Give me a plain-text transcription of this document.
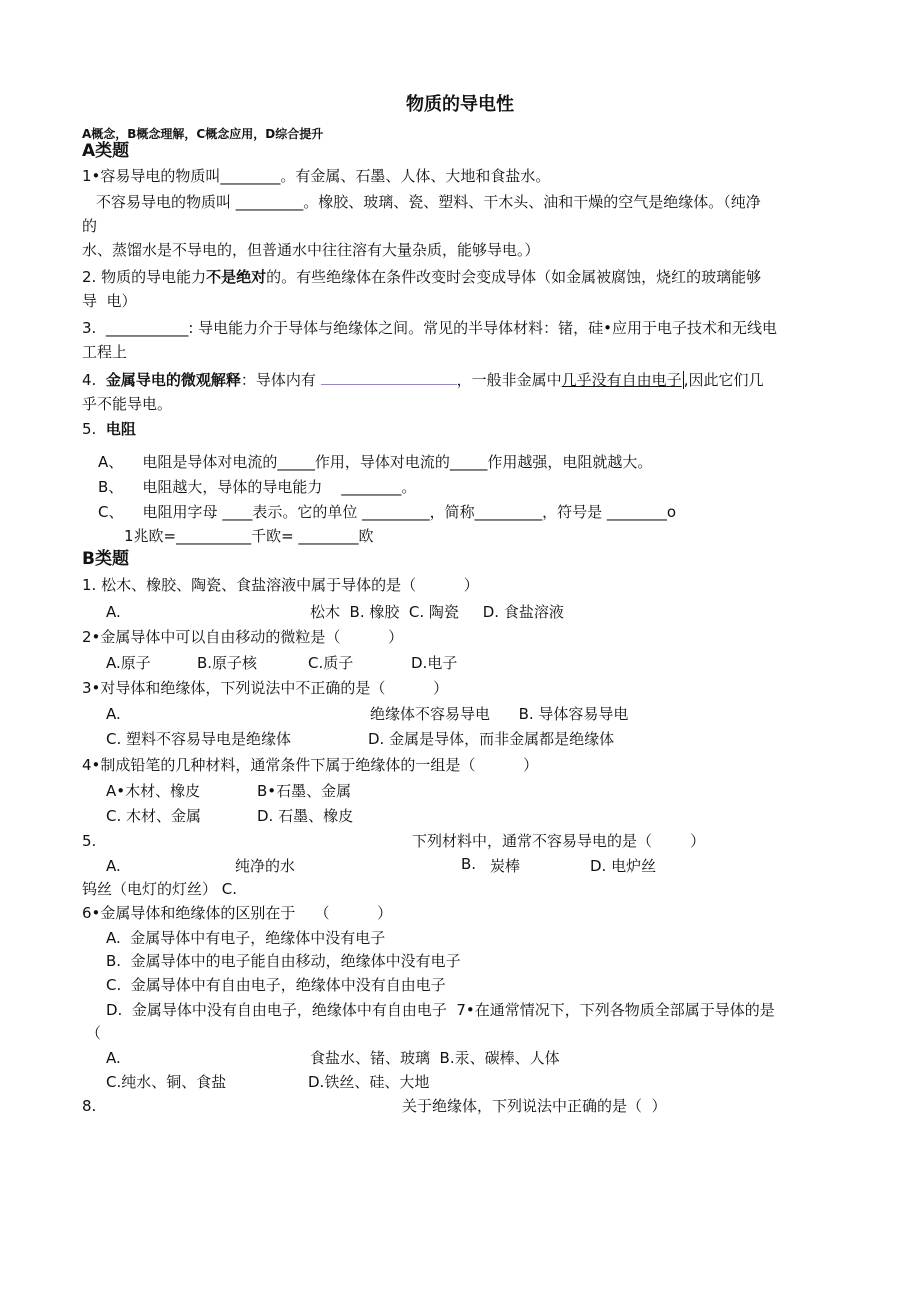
物质的导电性
A概念，B概念理解，C概念应用，D综合提升
A类题
1•容易导电的物质叫________。有金属、石墨、人体、大地和食盐水。
不容易导电的物质叫 _________。橡胶、玻璃、瓷、塑料、干木头、油和干燥的空气是绝缘体。（纯净
的
水、蒸馏水是不导电的，但普通水中往往溶有大量杂质，能够导电。）
2. 物质的导电能力不是绝对的。有些绝缘体在条件改变时会变成导体（如金属被腐蚀，烧红的玻璃能够
导  电）
3.  ___________: 导电能力介于导体与绝缘体之间。常见的半导体材料：锗，硅•应用于电子技术和无线电
工程上
4.  金属导电的微观解释：导体内有	，一般非金属中几乎没有自由电子 ,因此它们几
乎不能导电。
5.  电阻
A、    电阻是导体对电流的_____作用，导体对电流的_____作用越强，电阻就越大。
B、    电阻越大，导体的导电能力    ________。
C、    电阻用字母 ____表示。它的单位 _________，简称_________，符号是 ________o
1兆欧=__________千欧= ________欧
B类题
1. 松木、橡胶、陶瓷、食盐溶液中属于导体的是（          ）
A.	松木  B. 橡胶  C. 陶瓷     D. 食盐溶液
2•金属导体中可以自由移动的微粒是（          ）
A.原子	B.原子核	C.质子	D.电子
3•对导体和绝缘体，下列说法中不正确的是（          ）
A.	绝缘体不容易导电      B. 导体容易导电
C. 塑料不容易导电是绝缘体	D. 金属是导体，而非金属都是绝缘体
4•制成铅笔的几种材料，通常条件下属于绝缘体的一组是（          ）
A•木材、橡皮	B•石墨、金属
C. 木材、金属	D. 石墨、橡皮
5.	下列材料中，通常不容易导电的是（        ）
A.	纯净的水	B. 炭棒	D. 电炉丝
钨丝（电灯的灯丝） C.
6•金属导体和绝缘体的区别在于    （          ）
A.  金属导体中有电子，绝缘体中没有电子
B.  金属导体中的电子能自由移动，绝缘体中没有电子
C.  金属导体中有自由电子，绝缘体中没有自由电子
D.  金属导体中没有自由电子，绝缘体中有自由电子  7•在通常情况下，下列各物质全部属于导体的是
（
A.	食盐水、锗、玻璃  B.汞、碳棒、人体
C.纯水、铜、食盐	D.铁丝、硅、大地
8.	关于绝缘体，下列说法中正确的是（  ）
